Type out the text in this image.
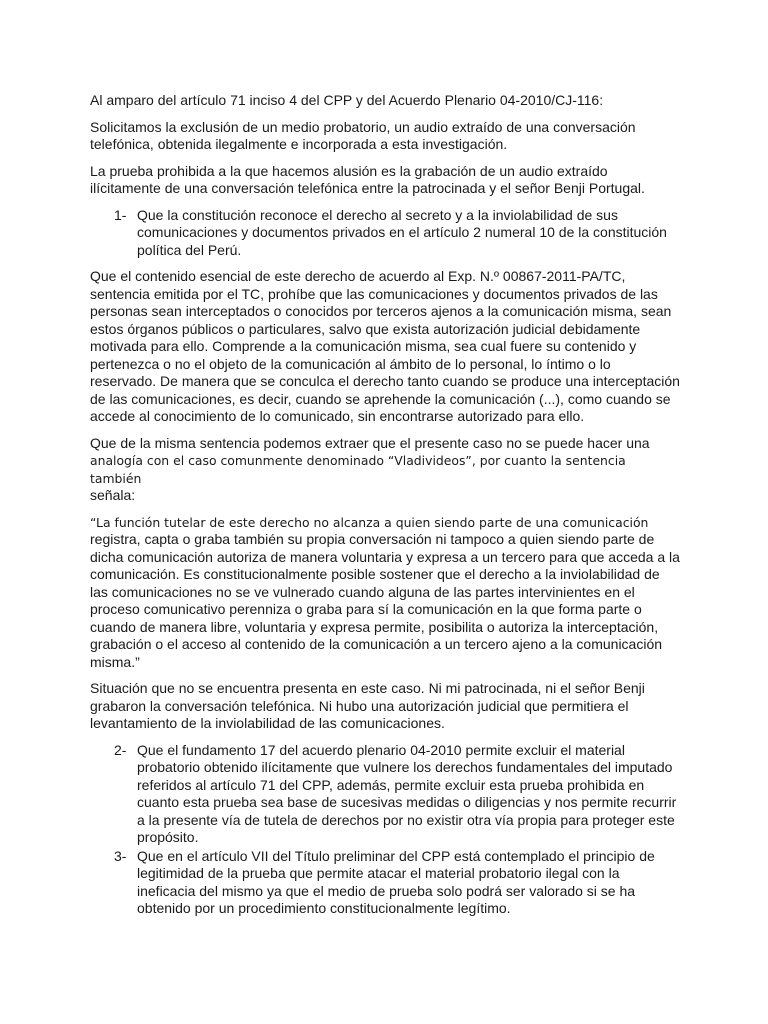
Al amparo del artículo 71 inciso 4 del CPP y del Acuerdo Plenario 04-2010/CJ-116:

Solicitamos la exclusión de un medio probatorio, un audio extraído de una conversación telefónica, obtenida ilegalmente e incorporada a esta investigación.

La prueba prohibida a la que hacemos alusión es la grabación de un audio extraído ilícitamente de una conversación telefónica entre la patrocinada y el señor Benji Portugal.

1- Que la constitución reconoce el derecho al secreto y a la inviolabilidad de sus comunicaciones y documentos privados en el artículo 2 numeral 10 de la constitución política del Perú.

Que el contenido esencial de este derecho de acuerdo al Exp. N.º 00867-2011-PA/TC, sentencia emitida por el TC, prohíbe que las comunicaciones y documentos privados de las personas sean interceptados o conocidos por terceros ajenos a la comunicación misma, sean estos órganos públicos o particulares, salvo que exista autorización judicial debidamente motivada para ello. Comprende a la comunicación misma, sea cual fuere su contenido y pertenezca o no el objeto de la comunicación al ámbito de lo personal, lo íntimo o lo reservado. De manera que se conculca el derecho tanto cuando se produce una interceptación de las comunicaciones, es decir, cuando se aprehende la comunicación (...), como cuando se accede al conocimiento de lo comunicado, sin encontrarse autorizado para ello.

Que de la misma sentencia podemos extraer que el presente caso no se puede hacer una
analogía con el caso comunmente denominado “Vladivideos”, por cuanto la sentencia también
señala:

“La función tutelar de este derecho no alcanza a quien siendo parte de una comunicación
registra, capta o graba también su propia conversación ni tampoco a quien siendo parte de dicha comunicación autoriza de manera voluntaria y expresa a un tercero para que acceda a la comunicación. Es constitucionalmente posible sostener que el derecho a la inviolabilidad de las comunicaciones no se ve vulnerado cuando alguna de las partes intervinientes en el proceso comunicativo perenniza o graba para sí la comunicación en la que forma parte o cuando de manera libre, voluntaria y expresa permite, posibilita o autoriza la interceptación, grabación o el acceso al contenido de la comunicación a un tercero ajeno a la comunicación misma.”

Situación que no se encuentra presenta en este caso. Ni mi patrocinada, ni el señor Benji grabaron la conversación telefónica. Ni hubo una autorización judicial que permitiera el levantamiento de la inviolabilidad de las comunicaciones.

2- Que el fundamento 17 del acuerdo plenario 04-2010 permite excluir el material probatorio obtenido ilícitamente que vulnere los derechos fundamentales del imputado referidos al artículo 71 del CPP, además, permite excluir esta prueba prohibida en cuanto esta prueba sea base de sucesivas medidas o diligencias y nos permite recurrir a la presente vía de tutela de derechos por no existir otra vía propia para proteger este propósito.
3- Que en el artículo VII del Título preliminar del CPP está contemplado el principio de legitimidad de la prueba que permite atacar el material probatorio ilegal con la ineficacia del mismo ya que el medio de prueba solo podrá ser valorado si se ha obtenido por un procedimiento constitucionalmente legítimo.
